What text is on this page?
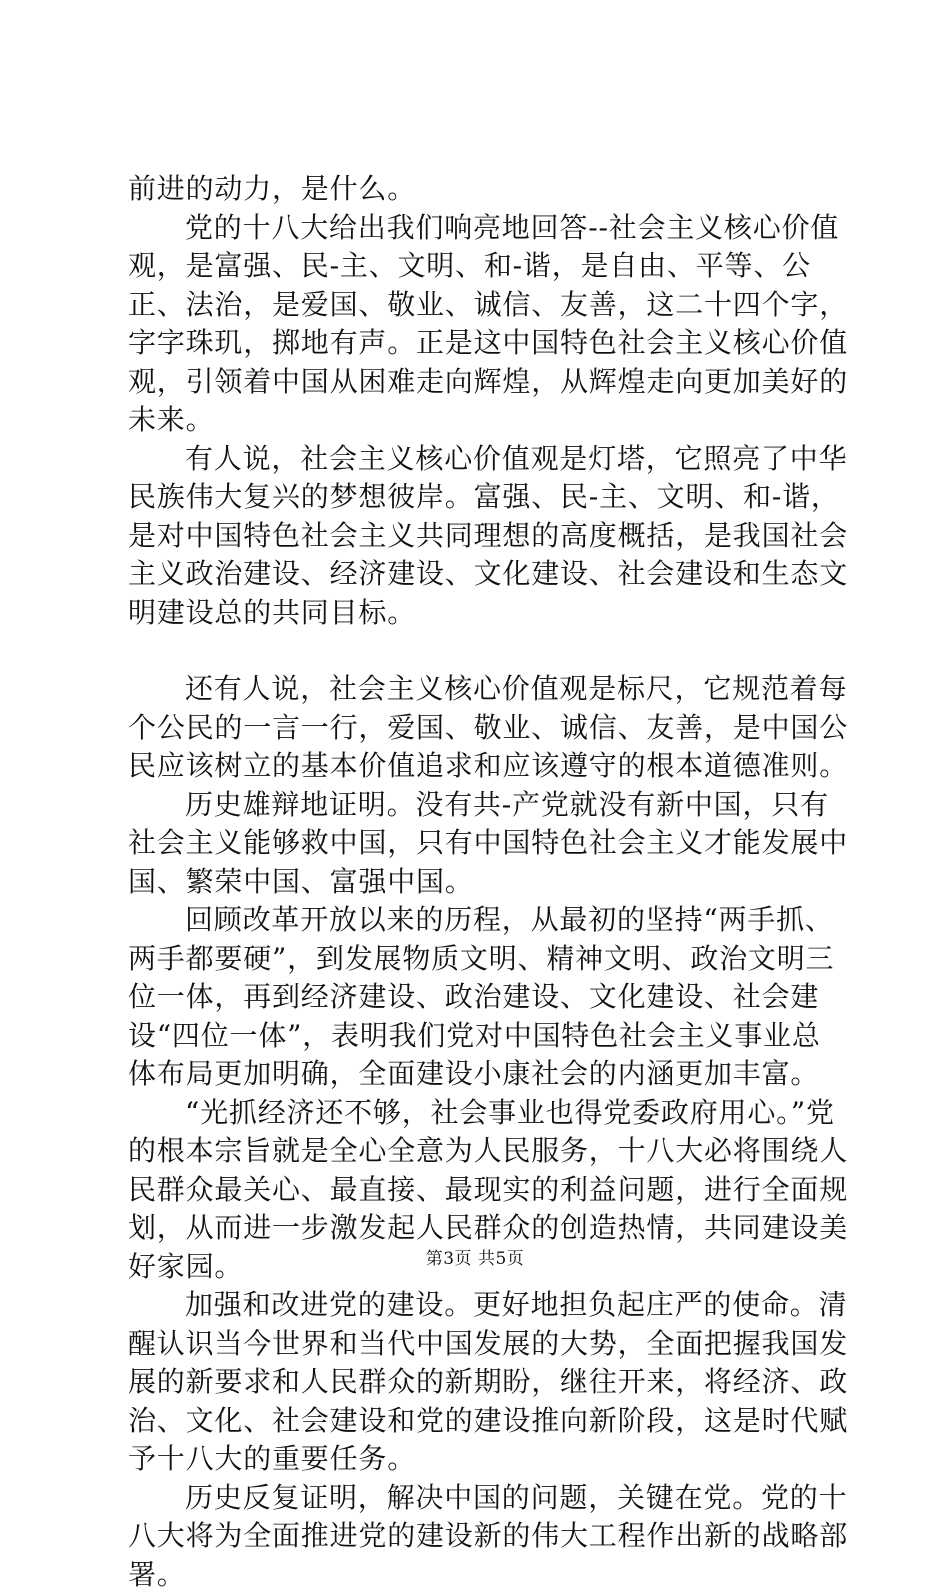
前进的动力，是什么。

党的十八大给出我们响亮地回答--社会主义核心价值观，是富强、民-主、文明、和-谐，是自由、平等、公正、法治，是爱国、敬业、诚信、友善，这二十四个字，字字珠玑，掷地有声。正是这中国特色社会主义核心价值观，引领着中国从困难走向辉煌，从辉煌走向更加美好的未来。

有人说，社会主义核心价值观是灯塔，它照亮了中华民族伟大复兴的梦想彼岸。富强、民-主、文明、和-谐，是对中国特色社会主义共同理想的高度概括，是我国社会主义政治建设、经济建设、文化建设、社会建设和生态文明建设总的共同目标。

还有人说，社会主义核心价值观是标尺，它规范着每个公民的一言一行，爱国、敬业、诚信、友善，是中国公民应该树立的基本价值追求和应该遵守的根本道德准则。

历史雄辩地证明。没有共-产党就没有新中国，只有社会主义能够救中国，只有中国特色社会主义才能发展中国、繁荣中国、富强中国。

回顾改革开放以来的历程，从最初的坚持“两手抓、两手都要硬”，到发展物质文明、精神文明、政治文明三位一体，再到经济建设、政治建设、文化建设、社会建设“四位一体”，表明我们党对中国特色社会主义事业总体布局更加明确，全面建设小康社会的内涵更加丰富。

“光抓经济还不够，社会事业也得党委政府用心。”党的根本宗旨就是全心全意为人民服务，十八大必将围绕人民群众最关心、最直接、最现实的利益问题，进行全面规划，从而进一步激发起人民群众的创造热情，共同建设美好家园。

加强和改进党的建设。更好地担负起庄严的使命。清醒认识当今世界和当代中国发展的大势，全面把握我国发展的新要求和人民群众的新期盼，继往开来，将经济、政治、文化、社会建设和党的建设推向新阶段，这是时代赋予十八大的重要任务。

历史反复证明，解决中国的问题，关键在党。党的十八大将为全面推进党的建设新的伟大工程作出新的战略部署。

第3页 共5页
